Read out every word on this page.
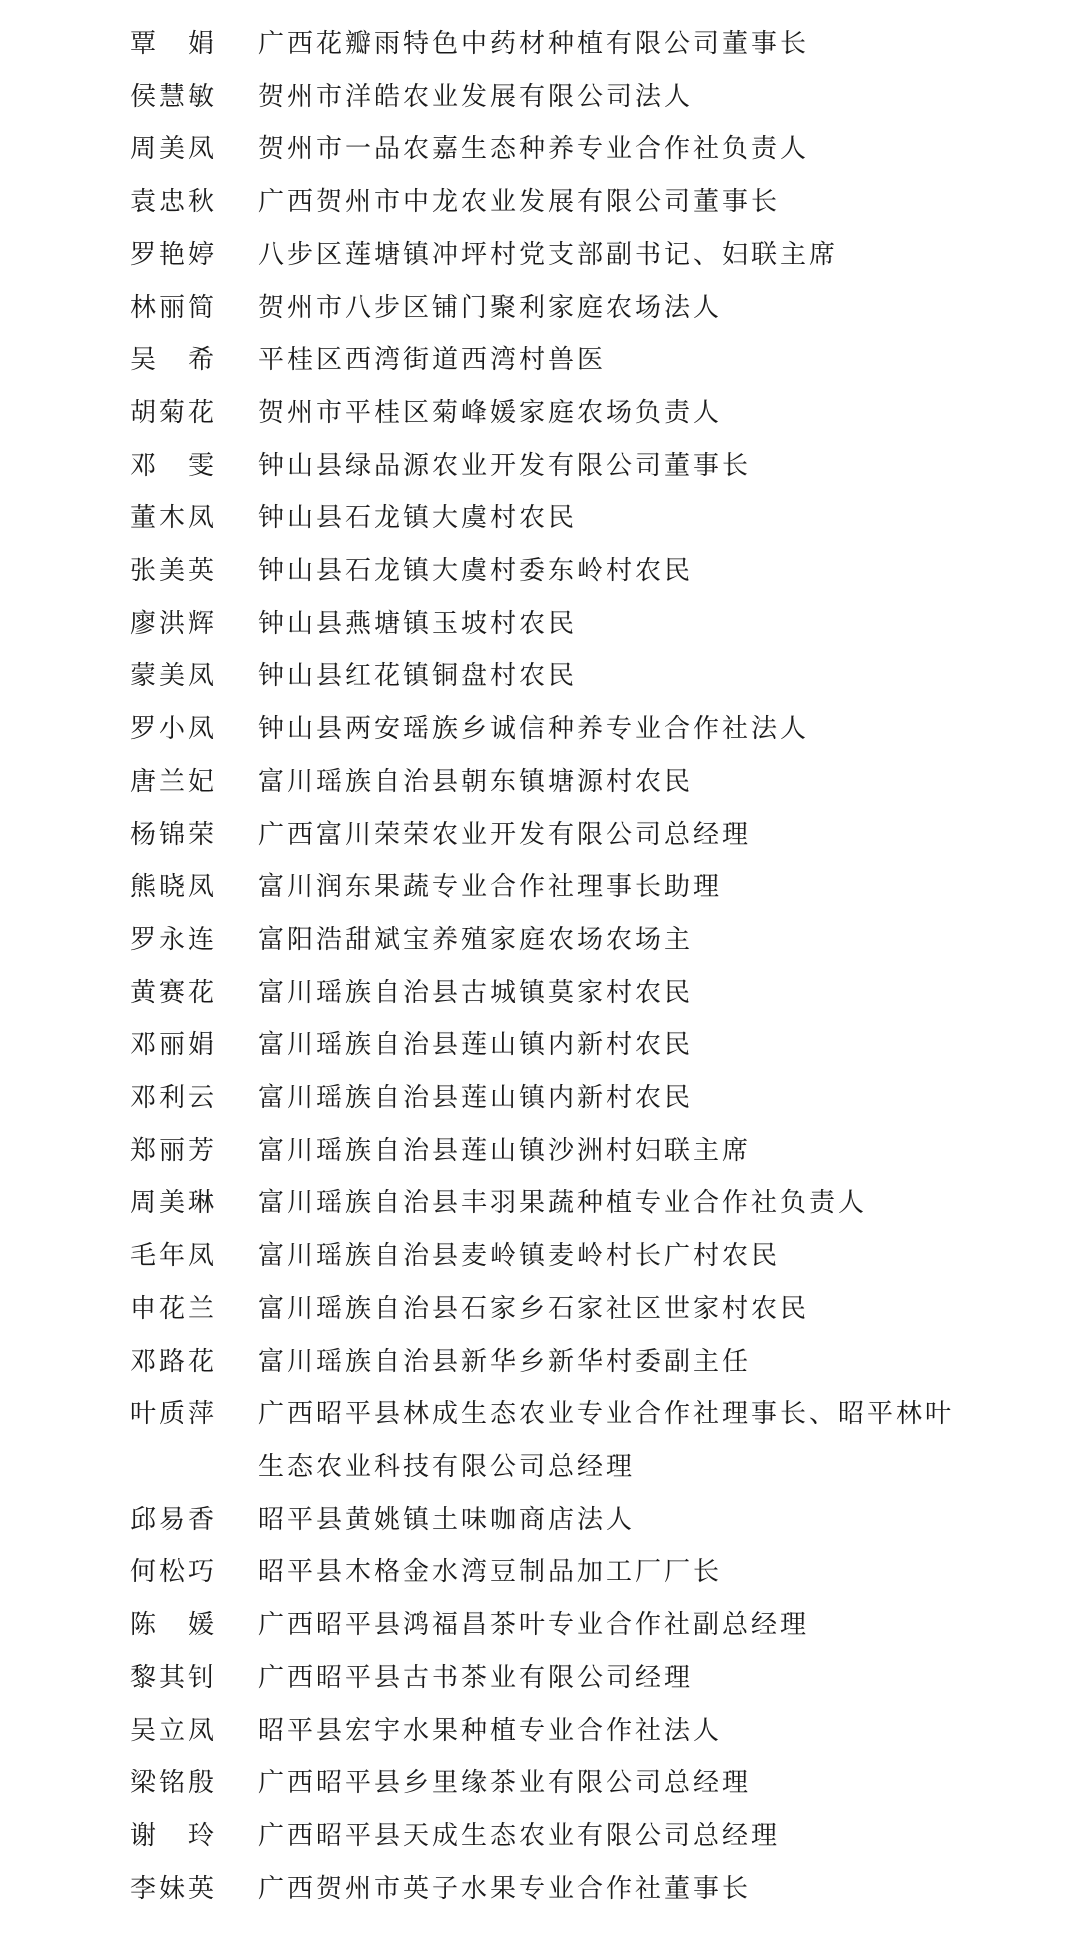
覃　娟	广西花瓣雨特色中药材种植有限公司董事长
侯慧敏	贺州市洋皓农业发展有限公司法人
周美凤	贺州市一品农嘉生态种养专业合作社负责人
袁忠秋	广西贺州市中龙农业发展有限公司董事长
罗艳婷	八步区莲塘镇冲坪村党支部副书记、妇联主席
林丽简	贺州市八步区铺门聚利家庭农场法人
吴　希	平桂区西湾街道西湾村兽医
胡菊花	贺州市平桂区菊峰媛家庭农场负责人
邓　雯	钟山县绿品源农业开发有限公司董事长
董木凤	钟山县石龙镇大虞村农民
张美英	钟山县石龙镇大虞村委东岭村农民
廖洪辉	钟山县燕塘镇玉坡村农民
蒙美凤	钟山县红花镇铜盘村农民
罗小凤	钟山县两安瑶族乡诚信种养专业合作社法人
唐兰妃	富川瑶族自治县朝东镇塘源村农民
杨锦荣	广西富川荣荣农业开发有限公司总经理
熊晓凤	富川润东果蔬专业合作社理事长助理
罗永连	富阳浩甜斌宝养殖家庭农场农场主
黄赛花	富川瑶族自治县古城镇莫家村农民
邓丽娟	富川瑶族自治县莲山镇内新村农民
邓利云	富川瑶族自治县莲山镇内新村农民
郑丽芳	富川瑶族自治县莲山镇沙洲村妇联主席
周美琳	富川瑶族自治县丰羽果蔬种植专业合作社负责人
毛年凤	富川瑶族自治县麦岭镇麦岭村长广村农民
申花兰	富川瑶族自治县石家乡石家社区世家村农民
邓路花	富川瑶族自治县新华乡新华村委副主任
叶质萍	广西昭平县林成生态农业专业合作社理事长、昭平林叶
生态农业科技有限公司总经理
邱易香	昭平县黄姚镇土味咖商店法人
何松巧	昭平县木格金水湾豆制品加工厂厂长
陈　媛	广西昭平县鸿福昌茶叶专业合作社副总经理
黎其钊	广西昭平县古书茶业有限公司经理
吴立凤	昭平县宏宇水果种植专业合作社法人
梁铭殷	广西昭平县乡里缘茶业有限公司总经理
谢　玲	广西昭平县天成生态农业有限公司总经理
李妹英	广西贺州市英子水果专业合作社董事长
